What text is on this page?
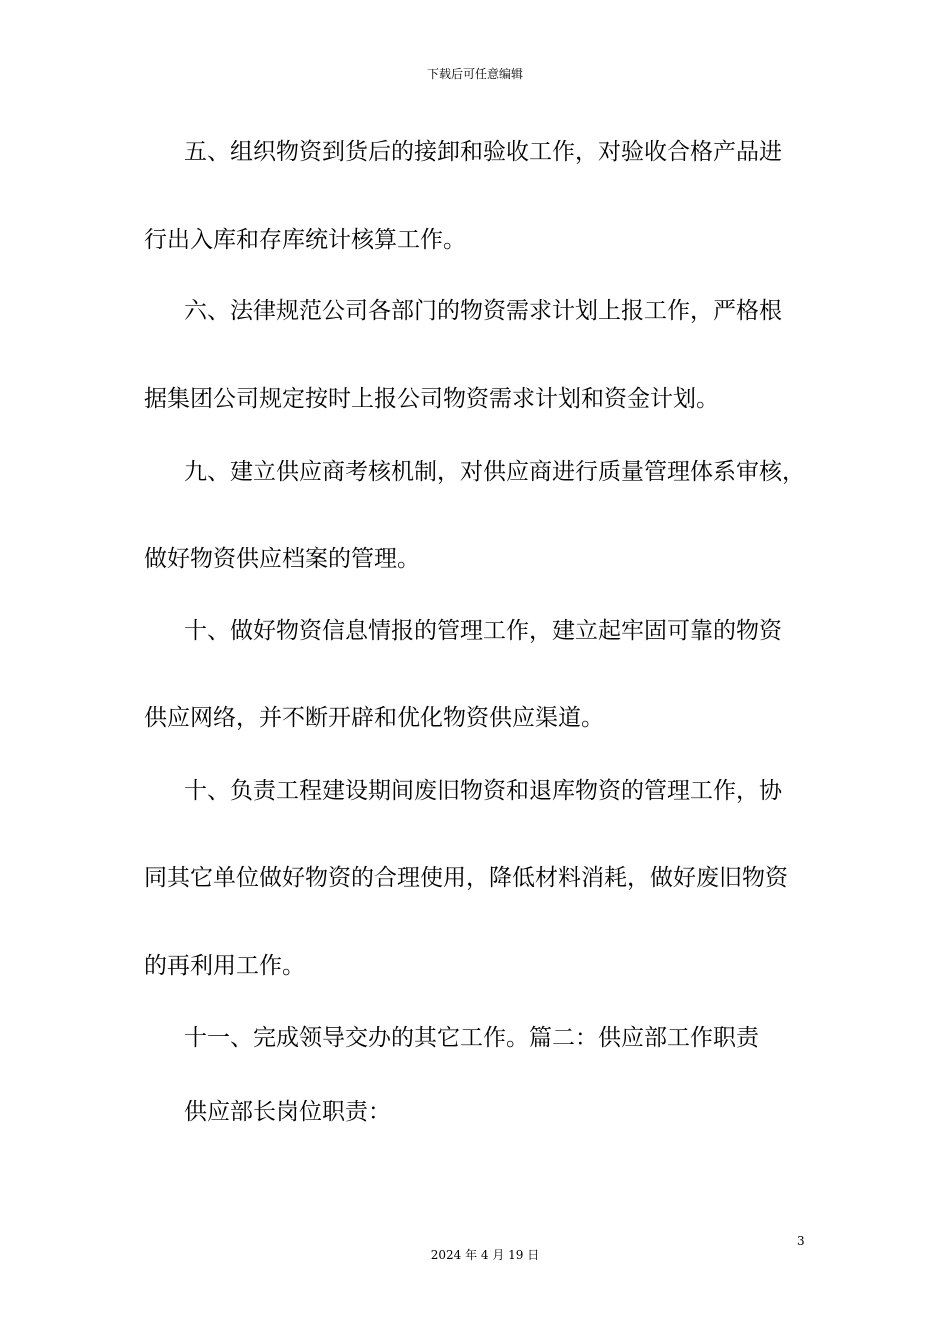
下载后可任意编辑
五、组织物资到货后的接卸和验收工作，对验收合格产品进
行出入库和存库统计核算工作。
六、法律规范公司各部门的物资需求计划上报工作，严格根
据集团公司规定按时上报公司物资需求计划和资金计划。
九、建立供应商考核机制，对供应商进行质量管理体系审核，
做好物资供应档案的管理。
十、做好物资信息情报的管理工作，建立起牢固可靠的物资
供应网络，并不断开辟和优化物资供应渠道。
十、负责工程建设期间废旧物资和退库物资的管理工作，协
同其它单位做好物资的合理使用，降低材料消耗，做好废旧物资
的再利用工作。
十一、完成领导交办的其它工作。篇二：供应部工作职责
供应部长岗位职责：
3
2024 年 4 月 19 日
